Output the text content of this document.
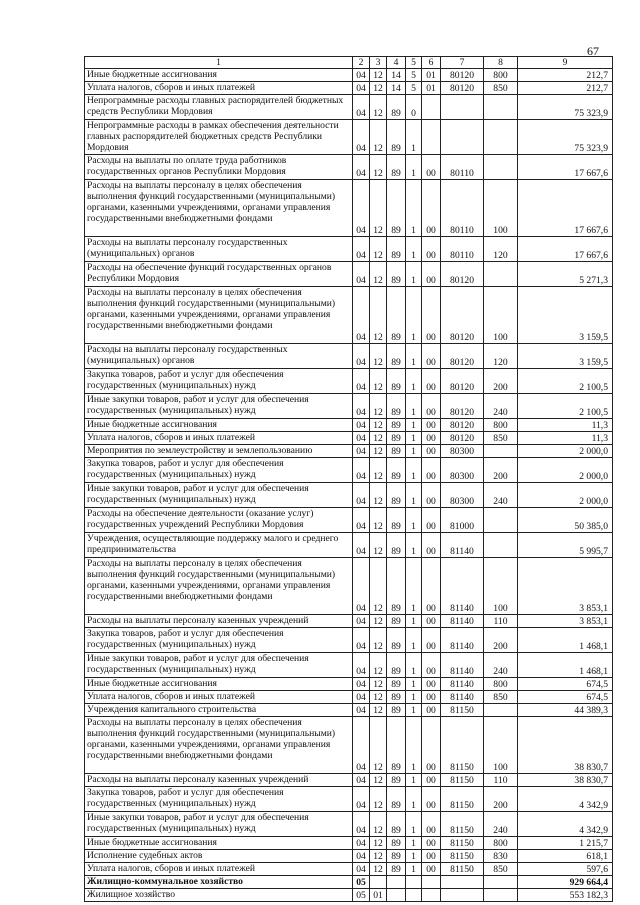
67
1	2	3	4	5	6	7	8	9
Иные бюджетные ассигнования	04	12	14	5	01	80120	800	212,7
Уплата налогов, сборов и иных платежей	04	12	14	5	01	80120	850	212,7
Непрограммные расходы главных распорядителей бюджетных средств Республики Мордовия	04	12	89	0				75 323,9
Непрограммные расходы в рамках обеспечения деятельности главных распорядителей бюджетных средств Республики Мордовия	04	12	89	1				75 323,9
Расходы на выплаты по оплате труда работников государственных органов Республики Мордовия	04	12	89	1	00	80110		17 667,6
Расходы на выплаты персоналу в целях обеспечения выполнения функций государственными (муниципальными) органами, казенными учреждениями, органами управления государственными внебюджетными фондами	04	12	89	1	00	80110	100	17 667,6
Расходы на выплаты персоналу государственных (муниципальных) органов	04	12	89	1	00	80110	120	17 667,6
Расходы на обеспечение функций государственных органов Республики Мордовия	04	12	89	1	00	80120		5 271,3
Расходы на выплаты персоналу в целях обеспечения выполнения функций государственными (муниципальными) органами, казенными учреждениями, органами управления государственными внебюджетными фондами	04	12	89	1	00	80120	100	3 159,5
Расходы на выплаты персоналу государственных (муниципальных) органов	04	12	89	1	00	80120	120	3 159,5
Закупка товаров, работ и услуг для обеспечения государственных (муниципальных) нужд	04	12	89	1	00	80120	200	2 100,5
Иные закупки товаров, работ и услуг для обеспечения государственных (муниципальных) нужд	04	12	89	1	00	80120	240	2 100,5
Иные бюджетные ассигнования	04	12	89	1	00	80120	800	11,3
Уплата налогов, сборов и иных платежей	04	12	89	1	00	80120	850	11,3
Мероприятия по землеустройству и землепользованию	04	12	89	1	00	80300		2 000,0
Закупка товаров, работ и услуг для обеспечения государственных (муниципальных) нужд	04	12	89	1	00	80300	200	2 000,0
Иные закупки товаров, работ и услуг для обеспечения государственных (муниципальных) нужд	04	12	89	1	00	80300	240	2 000,0
Расходы на обеспечение деятельности (оказание услуг) государственных учреждений Республики Мордовия	04	12	89	1	00	81000		50 385,0
Учреждения, осуществляющие поддержку малого и среднего предпринимательства	04	12	89	1	00	81140		5 995,7
Расходы на выплаты персоналу в целях обеспечения выполнения функций государственными (муниципальными) органами, казенными учреждениями, органами управления государственными внебюджетными фондами	04	12	89	1	00	81140	100	3 853,1
Расходы на выплаты персоналу казенных учреждений	04	12	89	1	00	81140	110	3 853,1
Закупка товаров, работ и услуг для обеспечения государственных (муниципальных) нужд	04	12	89	1	00	81140	200	1 468,1
Иные закупки товаров, работ и услуг для обеспечения государственных (муниципальных) нужд	04	12	89	1	00	81140	240	1 468,1
Иные бюджетные ассигнования	04	12	89	1	00	81140	800	674,5
Уплата налогов, сборов и иных платежей	04	12	89	1	00	81140	850	674,5
Учреждения капитального строительства	04	12	89	1	00	81150		44 389,3
Расходы на выплаты персоналу в целях обеспечения выполнения функций государственными (муниципальными) органами, казенными учреждениями, органами управления государственными внебюджетными фондами	04	12	89	1	00	81150	100	38 830,7
Расходы на выплаты персоналу казенных учреждений	04	12	89	1	00	81150	110	38 830,7
Закупка товаров, работ и услуг для обеспечения государственных (муниципальных) нужд	04	12	89	1	00	81150	200	4 342,9
Иные закупки товаров, работ и услуг для обеспечения государственных (муниципальных) нужд	04	12	89	1	00	81150	240	4 342,9
Иные бюджетные ассигнования	04	12	89	1	00	81150	800	1 215,7
Исполнение судебных актов	04	12	89	1	00	81150	830	618,1
Уплата налогов, сборов и иных платежей	04	12	89	1	00	81150	850	597,6
Жилищно-коммунальное хозяйство	05							929 664,4
Жилищное хозяйство	05	01						553 182,3
